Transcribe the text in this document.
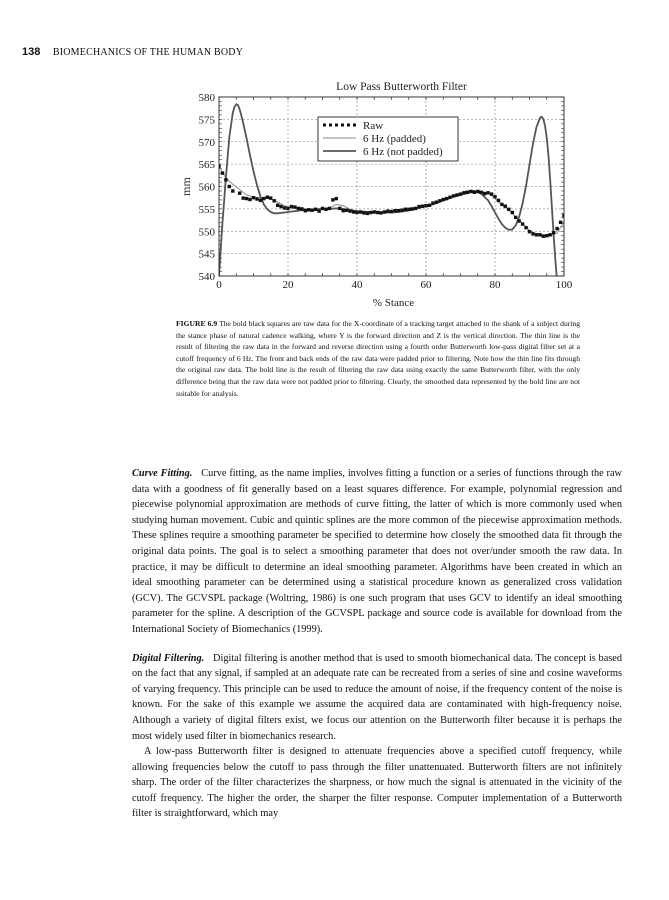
138 BIOMECHANICS OF THE HUMAN BODY
0	20	40	60	80	100
540
545
550
555
560
565
570
575
580
Low Pass Butterworth Filter
% Stance
mm
Raw
6 Hz (padded)
6 Hz (not padded)
FIGURE 6.9 The bold black squares are raw data for the X-coordinate of a tracking target attached to the shank of a subject during the stance phase of natural cadence walking, where Y is the forward direction and Z is the vertical direction. The thin line is the result of filtering the raw data in the forward and reverse direction using a fourth order Butterworth low-pass digital filter set at a cutoff frequency of 6 Hz. The front and back ends of the raw data were padded prior to filtering. Note how the thin line fits through the original raw data. The bold line is the result of filtering the raw data using exactly the same Butterworth filter, with the only difference being that the raw data were not padded prior to filtering. Clearly, the smoothed data represented by the bold line are not suitable for analysis.

Curve Fitting. Curve fitting, as the name implies, involves fitting a function or a series of functions through the raw data with a goodness of fit generally based on a least squares difference. For example, polynomial regression and piecewise polynomial approximation are methods of curve fitting, the latter of which is more commonly used when studying human movement. Cubic and quintic splines are the more common of the piecewise approximation methods. These splines require a smoothing parameter be specified to determine how closely the smoothed data fit through the original data points. The goal is to select a smoothing parameter that does not over/under smooth the raw data. In practice, it may be difficult to determine an ideal smoothing parameter. Algorithms have been created in which an ideal smoothing parameter can be determined using a statistical procedure known as generalized cross validation (GCV). The GCVSPL package (Woltring, 1986) is one such program that uses GCV to identify an ideal smoothing parameter for the spline. A description of the GCVSPL package and source code is available for download from the International Society of Biomechanics (1999).

Digital Filtering. Digital filtering is another method that is used to smooth biomechanical data. The concept is based on the fact that any signal, if sampled at an adequate rate can be recreated from a series of sine and cosine waveforms of varying frequency. This principle can be used to reduce the amount of noise, if the frequency content of the noise is known. For the sake of this example we assume the acquired data are contaminated with high-frequency noise. Although a variety of digital filters exist, we focus our attention on the Butterworth filter because it is perhaps the most widely used filter in biomechanics research.

A low-pass Butterworth filter is designed to attenuate frequencies above a specified cutoff frequency, while allowing frequencies below the cutoff to pass through the filter unattenuated. Butterworth filters are not infinitely sharp. The order of the filter characterizes the sharpness, or how much the signal is attenuated in the vicinity of the cutoff frequency. The higher the order, the sharper the filter response. Computer implementation of a Butterworth filter is straightforward, which may
